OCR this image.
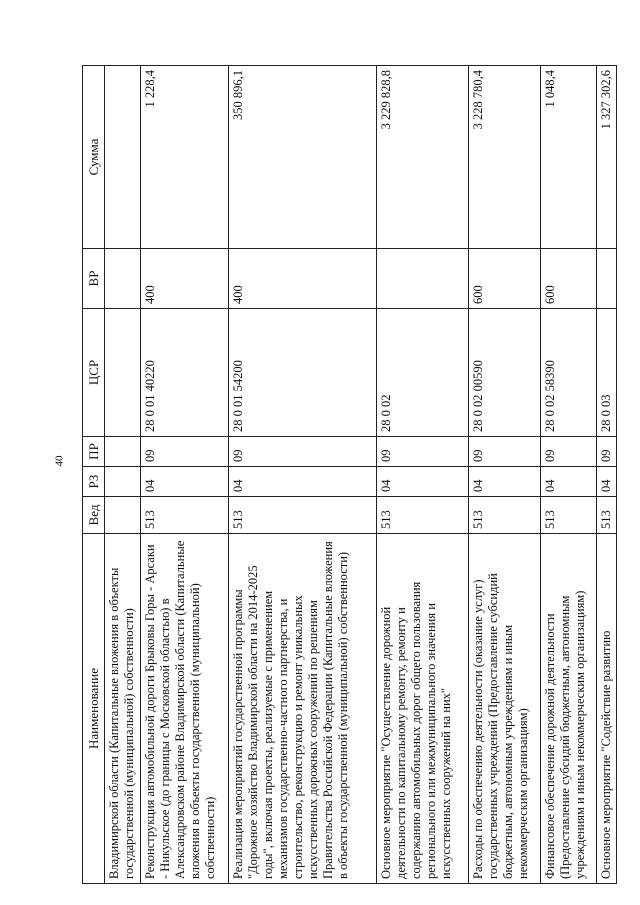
40
Наименование	Вед	РЗ	ПР	ЦСР	ВР	Сумма
Владимирской области (Капитальные вложения в объекты государственной (муниципальной) собственности)						
Реконструкция автомобильной дороги Брыковы Горы - Арсаки - Никульское (до границы с Московской областью) в Александровском районе Владимирской области (Капитальные вложения в объекты государственной (муниципальной) собственности)	513	04	09	28 0 01 40220	400	1 228,4
Реализация мероприятий государственной программы "Дорожное хозяйство Владимирской области на 2014-2025 годы", включая проекты, реализуемые с применением механизмов государственно-частного партнерства, и строительство, реконструкцию и ремонт уникальных искусственных дорожных сооружений по решениям Правительства Российской Федерации (Капитальные вложения в объекты государственной (муниципальной) собственности)	513	04	09	28 0 01 54200	400	350 896,1
Основное мероприятие "Осуществление дорожной деятельности по капитальному ремонту, ремонту и содержанию автомобильных дорог общего пользования регионального или межмуниципального значения и искусственных сооружений на них"	513	04	09	28 0 02		3 229 828,8
Расходы по обеспечению деятельности (оказание услуг) государственных учреждений (Предоставление субсидий бюджетным, автономным учреждениям и иным некоммерческим организациям)	513	04	09	28 0 02 00590	600	3 228 780,4
Финансовое обеспечение дорожной деятельности (Предоставление субсидий бюджетным, автономным учреждениям и иным некоммерческим организациям)	513	04	09	28 0 02 58390	600	1 048,4
Основное мероприятие "Содействие развитию	513	04	09	28 0 03		1 327 302,6
